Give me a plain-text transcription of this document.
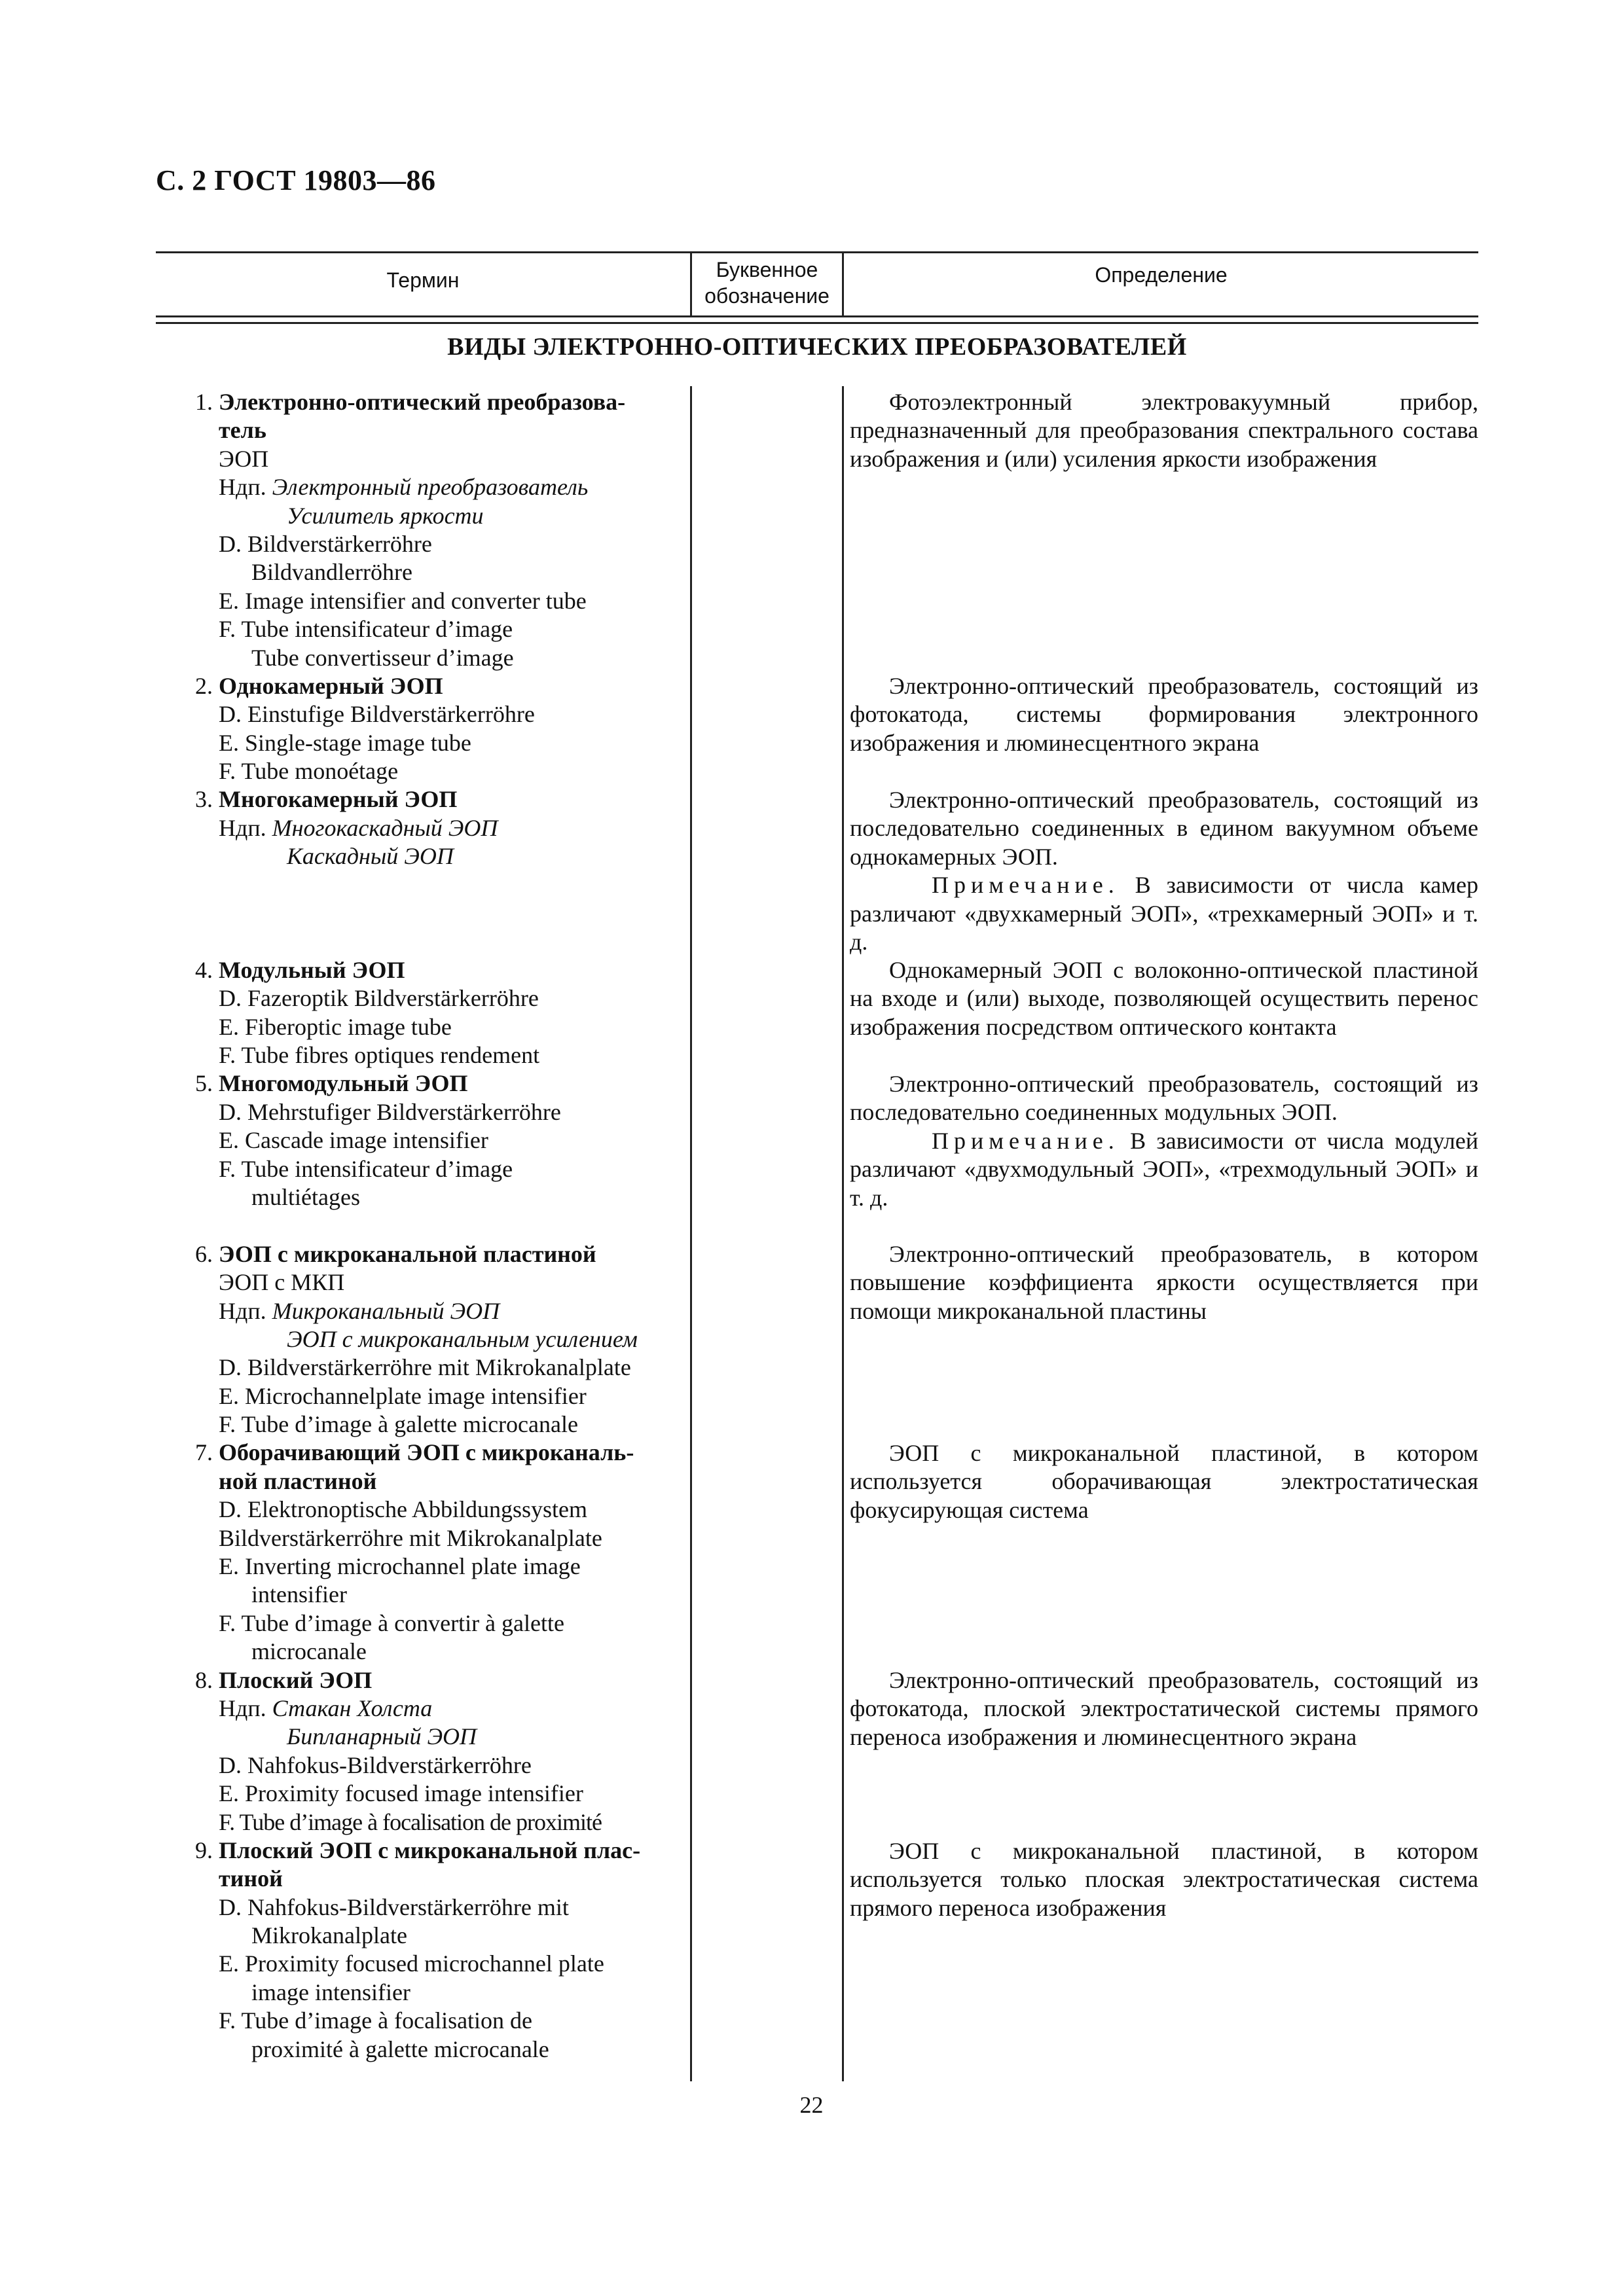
С. 2 ГОСТ 19803—86
Термин	Буквенное
обозначение
Определение
ВИДЫ ЭЛЕКТРОННО-ОПТИЧЕСКИХ ПРЕОБРАЗОВАТЕЛЕЙ
1. Электронно-оптический преобразова-
тель
ЭОП
Ндп. Электронный преобразователь
Усилитель яркости
D. Bildverstärkerröhre
Bildvandlerröhre
E. Image intensifier and converter tube
F. Tube intensificateur d’image
Tube convertisseur d’image
2. Однокамерный ЭОП
D. Einstufige Bildverstärkerröhre
E. Single-stage image tube
F. Tube monoétage
3. Многокамерный ЭОП
Ндп. Многокаскадный ЭОП
Каскадный ЭОП
4. Модульный ЭОП
D. Fazeroptik Bildverstärkerröhre
E. Fiberoptic image tube
F. Tube fibres optiques rendement
5. Многомодульный ЭОП
D. Mehrstufiger Bildverstärkerröhre
E. Cascade image intensifier
F. Tube intensificateur d’image
multiétages
6. ЭОП с микроканальной пластиной
ЭОП с МКП
Ндп. Микроканальный ЭОП
ЭОП с микроканальным усилением
D. Bildverstärkerröhre mit Mikrokanalplate
E. Microchannelplate image intensifier
F. Tube d’image à galette microcanale
7. Оборачивающий ЭОП с микроканаль-
ной пластиной
D. Elektronoptische Abbildungssystem
Bildverstärkerröhre mit Mikrokanalplate
E. Inverting microchannel plate image
intensifier
F. Tube d’image à convertir à galette
microcanale
8. Плоский ЭОП
Ндп. Стакан Холста
Бипланарный ЭОП
D. Nahfokus-Bildverstärkerröhre
E. Proximity focused image intensifier
F. Tube d’image à focalisation de proximité
9. Плоский ЭОП с микроканальной плас-
тиной
D. Nahfokus-Bildverstärkerröhre mit
Mikrokanalplate
E. Proximity focused microchannel plate
image intensifier
F. Tube d’image à focalisation de
proximité à galette microcanale

Фотоэлектронный электровакуумный прибор, предназначенный для преобразования спектрального состава изображения и (или) усиления яркости изображения

Электронно-оптический преобразователь, состоящий из фотокатода, системы формирования электронного изображения и люминесцентного экрана

Электронно-оптический преобразователь, состоящий из последовательно соединенных в едином вакуумном объеме однокамерных ЭОП.

Примечание. В зависимости от числа камер различают «двухкамерный ЭОП», «трехкамерный ЭОП» и т. д.

Однокамерный ЭОП с волоконно-оптической пластиной на входе и (или) выходе, позволяющей осуществить перенос изображения посредством оптического контакта

Электронно-оптический преобразователь, состоящий из последовательно соединенных модульных ЭОП.

Примечание. В зависимости от числа модулей различают «двухмодульный ЭОП», «трехмодульный ЭОП» и т. д.

Электронно-оптический преобразователь, в котором повышение коэффициента яркости осуществляется при помощи микроканальной пластины

ЭОП с микроканальной пластиной, в котором используется оборачивающая электростатическая фокусирующая система

Электронно-оптический преобразователь, состоящий из фотокатода, плоской электростатической системы прямого переноса изображения и люминесцентного экрана

ЭОП с микроканальной пластиной, в котором используется только плоская электростатическая система прямого переноса изображения

22
